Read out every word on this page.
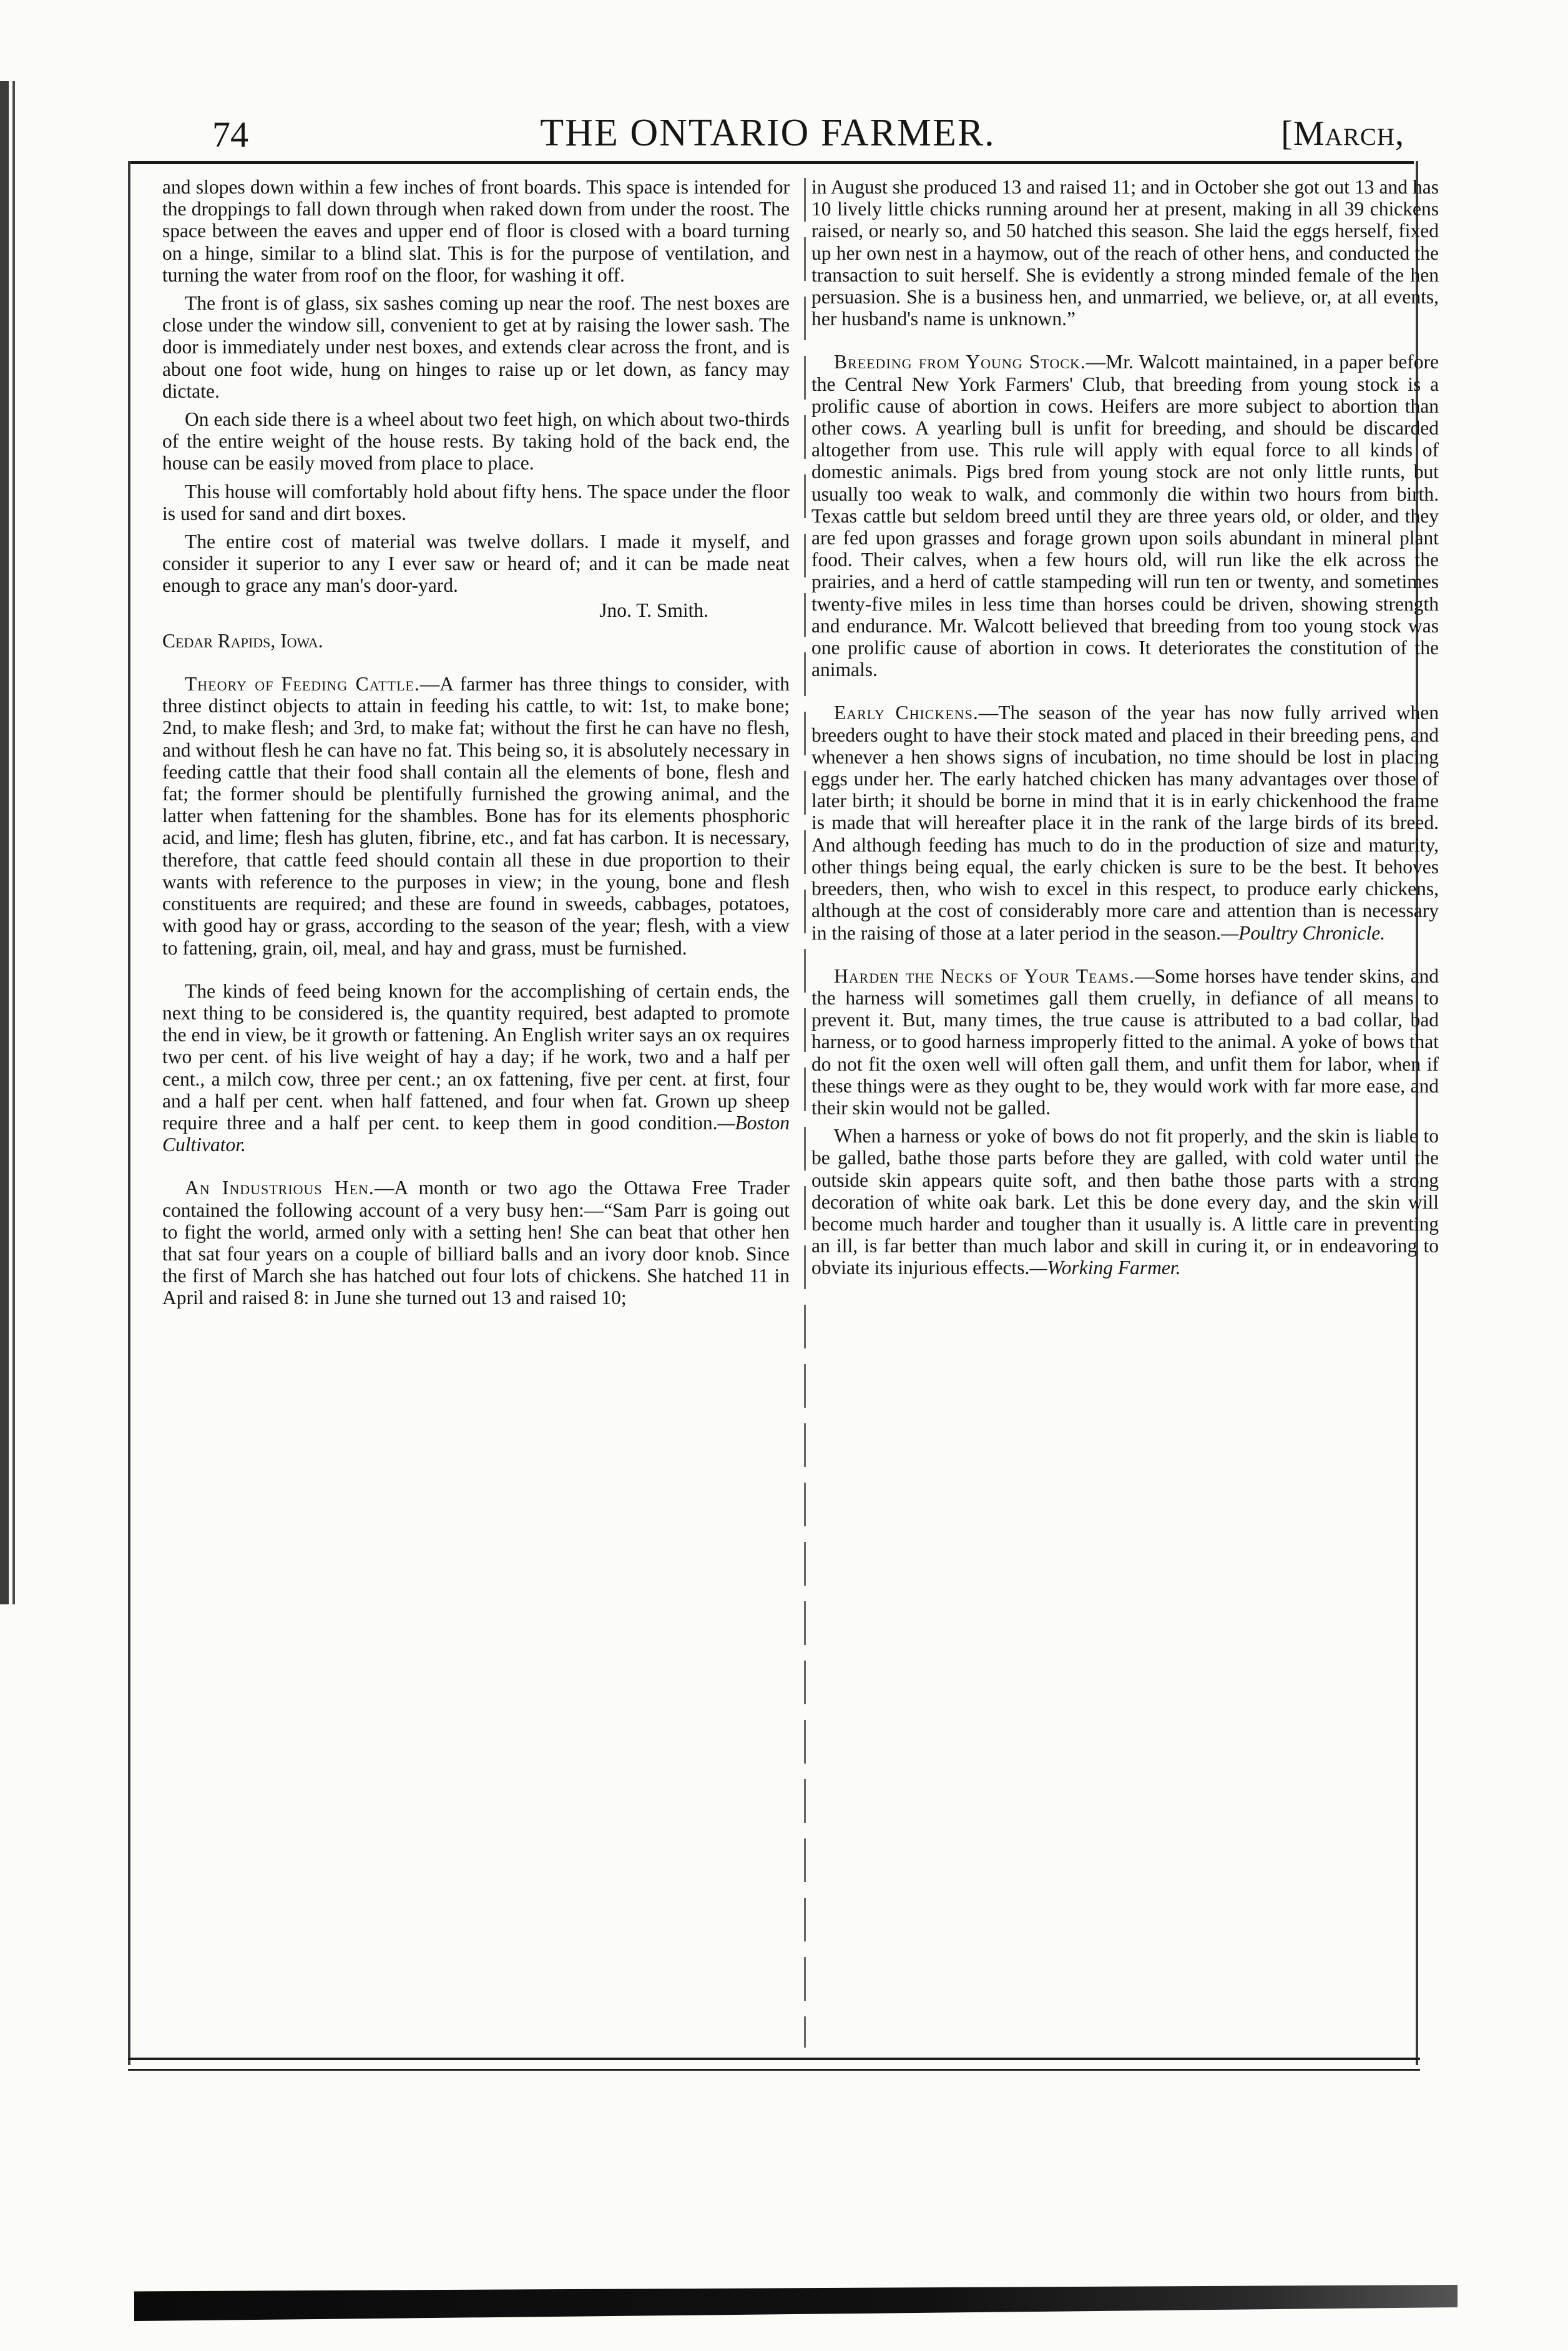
74	THE ONTARIO FARMER.	[March,

and slopes down within a few inches of front boards. This space is intended for the droppings to fall down through when raked down from under the roost. The space between the eaves and upper end of floor is closed with a board turning on a hinge, similar to a blind slat. This is for the purpose of ventilation, and turning the water from roof on the floor, for washing it off.

The front is of glass, six sashes coming up near the roof. The nest boxes are close under the window sill, convenient to get at by raising the lower sash. The door is immediately under nest boxes, and extends clear across the front, and is about one foot wide, hung on hinges to raise up or let down, as fancy may dictate.

On each side there is a wheel about two feet high, on which about two-thirds of the entire weight of the house rests. By taking hold of the back end, the house can be easily moved from place to place.

This house will comfortably hold about fifty hens. The space under the floor is used for sand and dirt boxes.

The entire cost of material was twelve dollars. I made it myself, and consider it superior to any I ever saw or heard of; and it can be made neat enough to grace any man's door-yard.

Jno. T. Smith.
Cedar Rapids, Iowa.

Theory of Feeding Cattle.—A farmer has three things to consider, with three distinct objects to attain in feeding his cattle, to wit: 1st, to make bone; 2nd, to make flesh; and 3rd, to make fat; without the first he can have no flesh, and without flesh he can have no fat. This being so, it is absolutely necessary in feeding cattle that their food shall contain all the elements of bone, flesh and fat; the former should be plentifully furnished the growing animal, and the latter when fattening for the shambles. Bone has for its elements phosphoric acid, and lime; flesh has gluten, fibrine, etc., and fat has carbon. It is necessary, therefore, that cattle feed should contain all these in due proportion to their wants with reference to the purposes in view; in the young, bone and flesh constituents are required; and these are found in sweeds, cabbages, potatoes, with good hay or grass, according to the season of the year; flesh, with a view to fattening, grain, oil, meal, and hay and grass, must be furnished.

The kinds of feed being known for the accomplishing of certain ends, the next thing to be considered is, the quantity required, best adapted to promote the end in view, be it growth or fattening. An English writer says an ox requires two per cent. of his live weight of hay a day; if he work, two and a half per cent., a milch cow, three per cent.; an ox fattening, five per cent. at first, four and a half per cent. when half fattened, and four when fat. Grown up sheep require three and a half per cent. to keep them in good condition.—Boston Cultivator.

An Industrious Hen.—A month or two ago the Ottawa Free Trader contained the following account of a very busy hen:—“Sam Parr is going out to fight the world, armed only with a setting hen! She can beat that other hen that sat four years on a couple of billiard balls and an ivory door knob. Since the first of March she has hatched out four lots of chickens. She hatched 11 in April and raised 8: in June she turned out 13 and raised 10;

in August she produced 13 and raised 11; and in October she got out 13 and has 10 lively little chicks running around her at present, making in all 39 chickens raised, or nearly so, and 50 hatched this season. She laid the eggs herself, fixed up her own nest in a haymow, out of the reach of other hens, and conducted the transaction to suit herself. She is evidently a strong minded female of the hen persuasion. She is a business hen, and unmarried, we believe, or, at all events, her husband's name is unknown.”

Breeding from Young Stock.—Mr. Walcott maintained, in a paper before the Central New York Farmers' Club, that breeding from young stock is a prolific cause of abortion in cows. Heifers are more subject to abortion than other cows. A yearling bull is unfit for breeding, and should be discarded altogether from use. This rule will apply with equal force to all kinds of domestic animals. Pigs bred from young stock are not only little runts, but usually too weak to walk, and commonly die within two hours from birth. Texas cattle but seldom breed until they are three years old, or older, and they are fed upon grasses and forage grown upon soils abundant in mineral plant food. Their calves, when a few hours old, will run like the elk across the prairies, and a herd of cattle stampeding will run ten or twenty, and sometimes twenty-five miles in less time than horses could be driven, showing strength and endurance. Mr. Walcott believed that breeding from too young stock was one prolific cause of abortion in cows. It deteriorates the constitution of the animals.

Early Chickens.—The season of the year has now fully arrived when breeders ought to have their stock mated and placed in their breeding pens, and whenever a hen shows signs of incubation, no time should be lost in placing eggs under her. The early hatched chicken has many advantages over those of later birth; it should be borne in mind that it is in early chickenhood the frame is made that will hereafter place it in the rank of the large birds of its breed. And although feeding has much to do in the production of size and maturity, other things being equal, the early chicken is sure to be the best. It behoves breeders, then, who wish to excel in this respect, to produce early chickens, although at the cost of considerably more care and attention than is necessary in the raising of those at a later period in the season.—Poultry Chronicle.

Harden the Necks of Your Teams.—Some horses have tender skins, and the harness will sometimes gall them cruelly, in defiance of all means to prevent it. But, many times, the true cause is attributed to a bad collar, bad harness, or to good harness improperly fitted to the animal. A yoke of bows that do not fit the oxen well will often gall them, and unfit them for labor, when if these things were as they ought to be, they would work with far more ease, and their skin would not be galled.

When a harness or yoke of bows do not fit properly, and the skin is liable to be galled, bathe those parts before they are galled, with cold water until the outside skin appears quite soft, and then bathe those parts with a strong decoration of white oak bark. Let this be done every day, and the skin will become much harder and tougher than it usually is. A little care in preventing an ill, is far better than much labor and skill in curing it, or in endeavoring to obviate its injurious effects.—Working Farmer.
